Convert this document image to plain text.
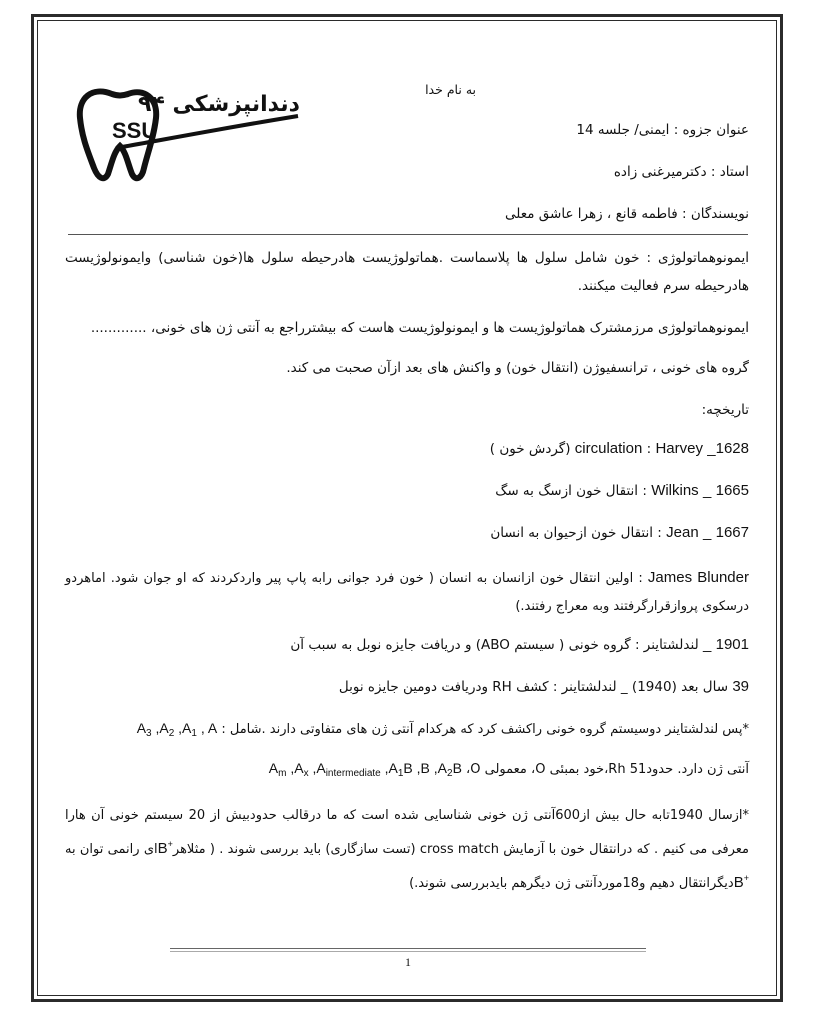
دندانپزشکی ۹۴
SSU
به نام خدا
عنوان جزوه : ایمنی/ جلسه 14
استاد : دکترمیرغنی زاده
نویسندگان : فاطمه قانع ، زهرا عاشق معلی
ایمونوهماتولوژی : خون شامل سلول ها پلاسماست .هماتولوژیست هادرحیطه سلول ها(خون شناسی) وایمونولوژیست هادرحیطه سرم فعالیت میکنند.
ایمونوهماتولوژی مرزمشترک هماتولوژیست ها و ایمونولوژیست هاست که بیشترراجع به آنتی ژن های خونی، .............
گروه های خونی ، ترانسفیوژن (انتقال خون) و واکنش های بعد ازآن صحبت می کند.
تاریخچه:
1628_ Harvey : circulation (گردش خون )
1665 _ Wilkins : انتقال خون ازسگ به سگ
1667 _ Jean : انتقال خون ازحیوان به انسان
James Blunder : اولین انتقال خون ازانسان به انسان ( خون فرد جوانی رابه پاپ پیر واردکردند که او جوان شود. اماهردو درسکوی پروازقرارگرفتند وبه معراج رفتند.)
1901 _ لندلشتاینر : گروه خونی ( سیستم ABO) و دریافت جایزه نوبل به سبب آن
39 سال بعد (1940) _ لندلشتاینر : کشف RH ودریافت دومین جایزه نوبل
*پس لندلشتاینر دوسیستم گروه خونی راکشف کرد که هرکدام آنتی ژن های متفاوتی دارند .شامل : $A_3$ $,A_2$ $,A_1$ , A
آنتی ژن دارد. Rh حدود51،خود O بمبئی، O معمولی، $A_m$ $,A_x$ $,A_{intermediate}$ $,A_1B$ ,B $,A_2B$
*ازسال 1940تابه حال بیش از600آنتی ژن خونی شناسایی شده است که ما درقالب حدودبیش از 20 سیستم خونی آن هارا معرفی می کنیم . که درانتقال خون با آزمایش cross match (تست سازگاری) باید بررسی شوند . ( مثلاهرB+ای رانمی توان به B+دیگرانتقال دهیم و18موردآنتی ژن دیگرهم بایدبررسی شوند.)
1
